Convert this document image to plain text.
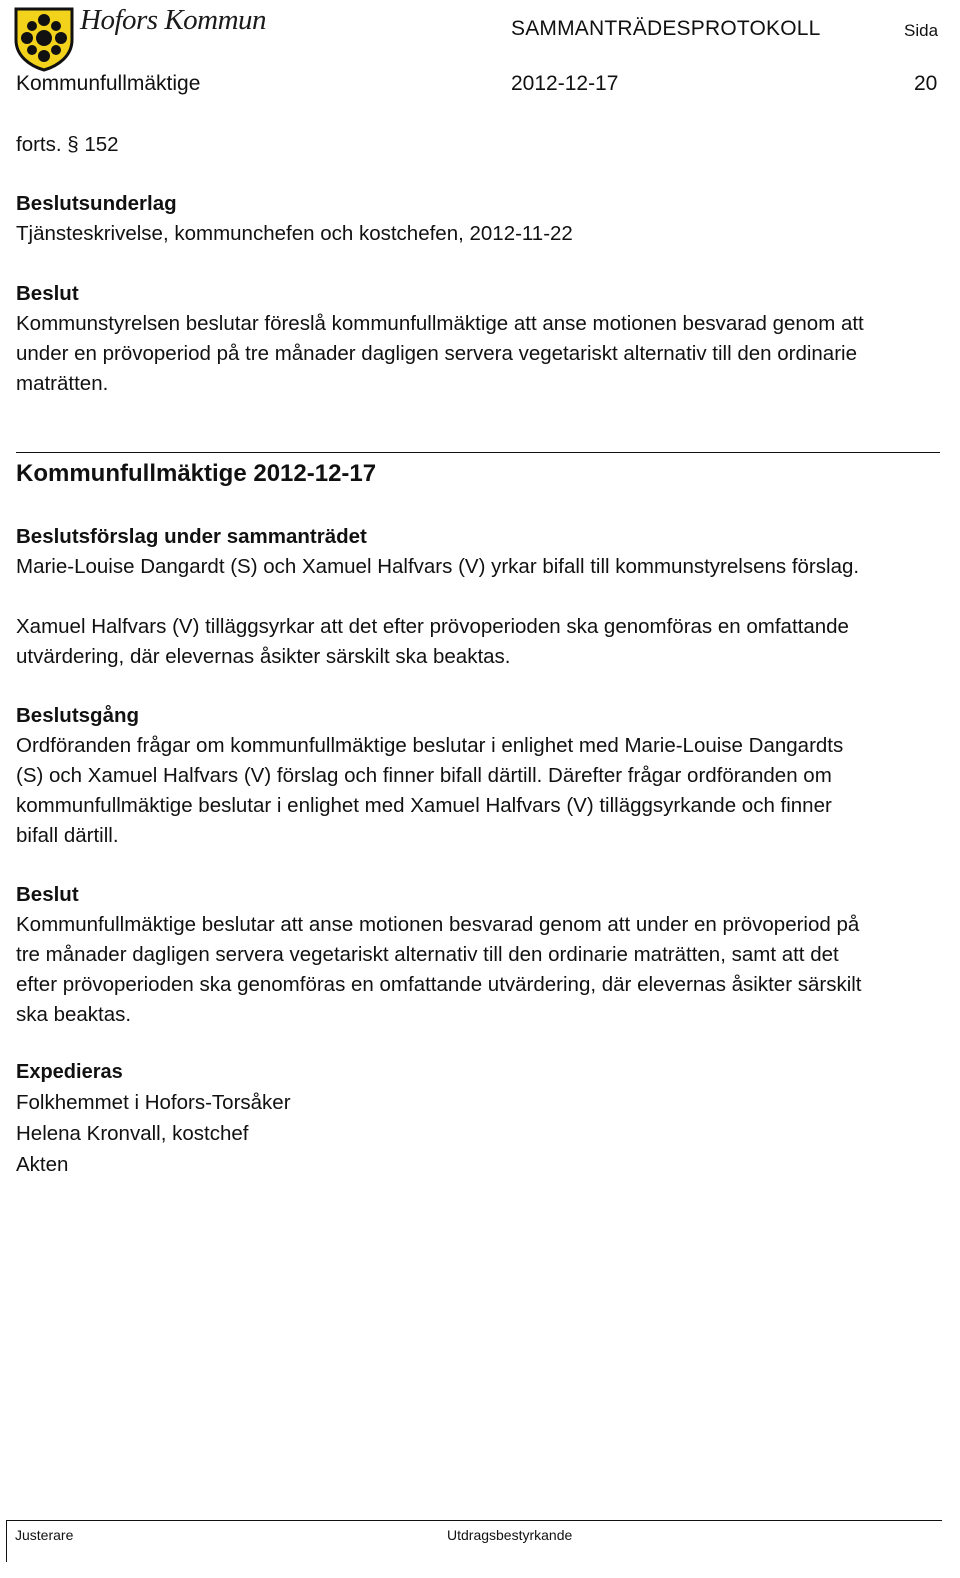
Hofors Kommun	SAMMANTRÄDESPROTOKOLL	Sida
Kommunfullmäktige	2012-12-17	20
forts. § 152
Beslutsunderlag
Tjänsteskrivelse, kommunchefen och kostchefen, 2012-11-22
Beslut
Kommunstyrelsen beslutar föreslå kommunfullmäktige att anse motionen besvarad genom att
under en prövoperiod på tre månader dagligen servera vegetariskt alternativ till den ordinarie
maträtten.
Kommunfullmäktige 2012-12-17
Beslutsförslag under sammanträdet
Marie-Louise Dangardt (S) och Xamuel Halfvars (V) yrkar bifall till kommunstyrelsens förslag.
Xamuel Halfvars (V) tilläggsyrkar att det efter prövoperioden ska genomföras en omfattande
utvärdering, där elevernas åsikter särskilt ska beaktas.
Beslutsgång
Ordföranden frågar om kommunfullmäktige beslutar i enlighet med Marie-Louise Dangardts
(S) och Xamuel Halfvars (V) förslag och finner bifall därtill. Därefter frågar ordföranden om
kommunfullmäktige beslutar i enlighet med Xamuel Halfvars (V) tilläggsyrkande och finner
bifall därtill.
Beslut
Kommunfullmäktige beslutar att anse motionen besvarad genom att under en prövoperiod på
tre månader dagligen servera vegetariskt alternativ till den ordinarie maträtten, samt att det
efter prövoperioden ska genomföras en omfattande utvärdering, där elevernas åsikter särskilt
ska beaktas.
Expedieras
Folkhemmet i Hofors-Torsåker
Helena Kronvall, kostchef
Akten
Justerare	Utdragsbestyrkande
